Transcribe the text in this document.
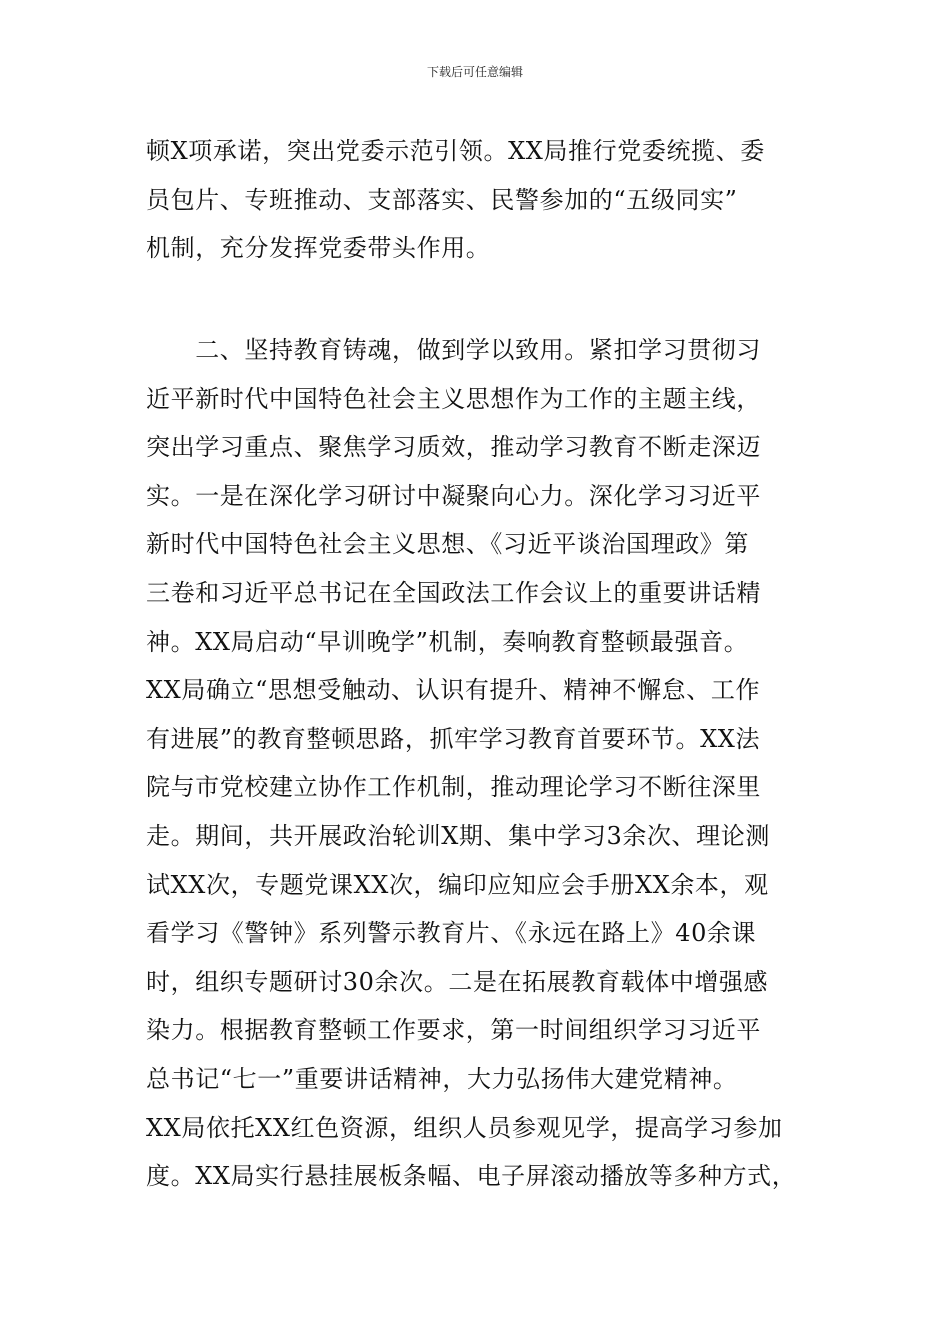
下载后可任意编辑
顿X项承诺，突出党委示范引领。XX局推行党委统揽、委
员包片、专班推动、支部落实、民警参加的“五级同实”
机制，充分发挥党委带头作用。
　　二、坚持教育铸魂，做到学以致用。紧扣学习贯彻习
近平新时代中国特色社会主义思想作为工作的主题主线，
突出学习重点、聚焦学习质效，推动学习教育不断走深迈
实。一是在深化学习研讨中凝聚向心力。深化学习习近平
新时代中国特色社会主义思想、《习近平谈治国理政》第
三卷和习近平总书记在全国政法工作会议上的重要讲话精
神。XX局启动“早训晚学”机制，奏响教育整顿最强音。
XX局确立“思想受触动、认识有提升、精神不懈怠、工作
有进展”的教育整顿思路，抓牢学习教育首要环节。XX法
院与市党校建立协作工作机制，推动理论学习不断往深里
走。期间，共开展政治轮训X期、集中学习3余次、理论测
试XX次，专题党课XX次，编印应知应会手册XX余本，观
看学习《警钟》系列警示教育片、《永远在路上》40余课
时，组织专题研讨30余次。二是在拓展教育载体中增强感
染力。根据教育整顿工作要求，第一时间组织学习习近平
总书记“七一”重要讲话精神，大力弘扬伟大建党精神。
XX局依托XX红色资源，组织人员参观见学，提高学习参加
度。XX局实行悬挂展板条幅、电子屏滚动播放等多种方式，
